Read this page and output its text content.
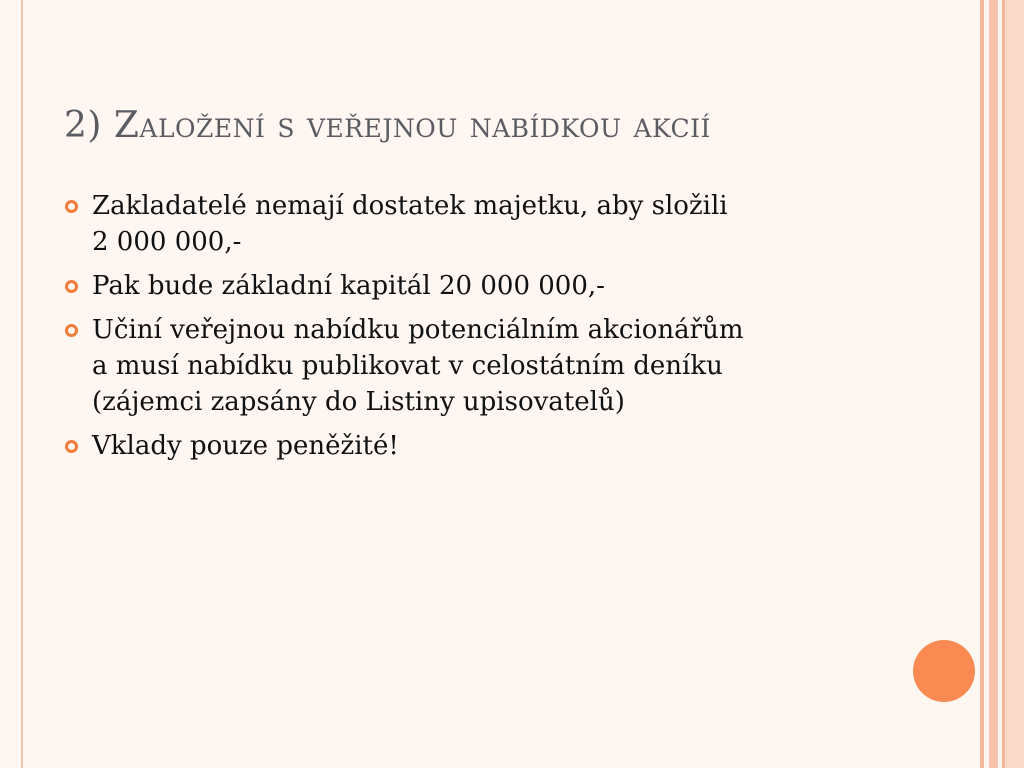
2) Založení s veřejnou nabídkou akcií
Zakladatelé nemají dostatek majetku, aby složili
2 000 000,-
Pak bude základní kapitál 20 000 000,-
Učiní veřejnou nabídku potenciálním akcionářům
a musí nabídku publikovat v celostátním deníku
(zájemci zapsány do Listiny upisovatelů)
Vklady pouze peněžité!
